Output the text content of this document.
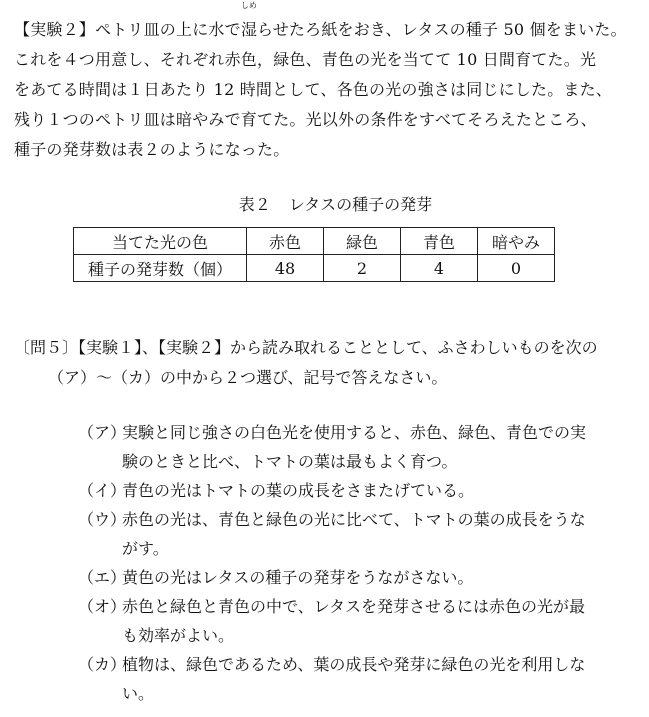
【実験２】ペトリ皿の上に水で
しめ
湿らせたろ紙をおき、レタスの種子 50 個をまいた。
これを４つ用意し、それぞれ赤色，緑色、青色の光を当てて 10 日間育てた。光
をあてる時間は１日あたり 12 時間として、各色の光の強さは同じにした。また、
残り１つのペトリ皿は暗やみで育てた。光以外の条件をすべてそろえたところ、
種子の発芽数は表２のようになった。
表２ レタスの種子の発芽
当てた光の色	赤色	緑色	青色	暗やみ
種子の発芽数（個）	48	2	4	0
〔問５〕【実験１】、【実験２】から読み取れることとして、ふさわしいものを次の
（ア）～（カ）の中から２つ選び、記号で答えなさい。
（ア）実験と同じ強さの白色光を使用すると、赤色、緑色、青色での実
験のときと比べ、トマトの葉は最もよく育つ。
（イ）青色の光はトマトの葉の成長をさまたげている。
（ウ）赤色の光は、青色と緑色の光に比べて、トマトの葉の成長をうな
がす。
（エ）黄色の光はレタスの種子の発芽をうながさない。
（オ）赤色と緑色と青色の中で、レタスを発芽させるには赤色の光が最
も効率がよい。
（カ）植物は、緑色であるため、葉の成長や発芽に緑色の光を利用しな
い。
